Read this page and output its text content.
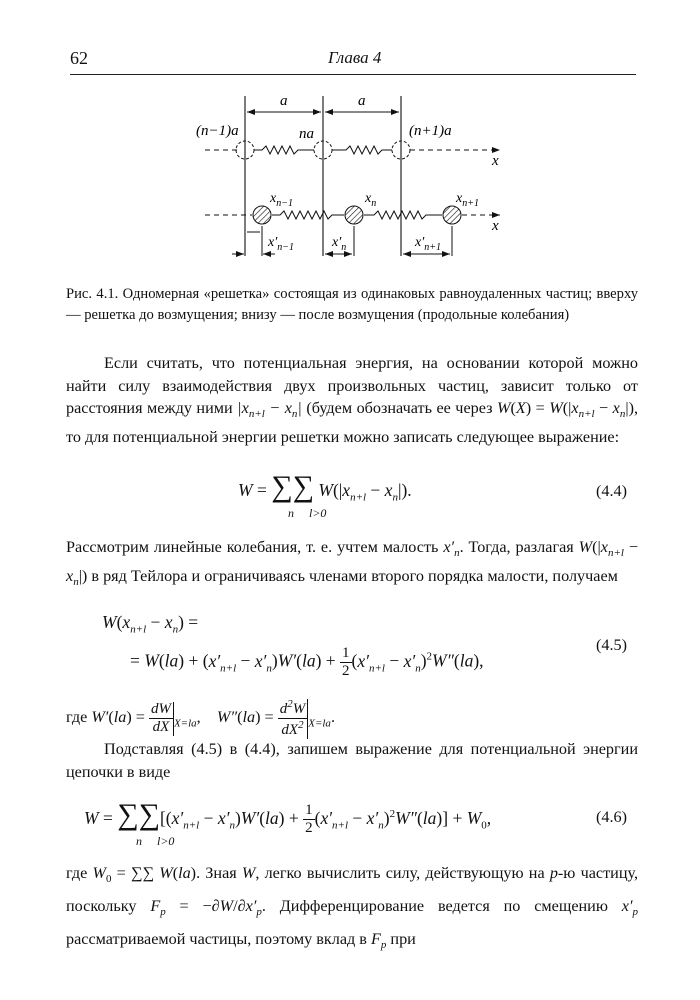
62	Глава 4
a	a
(n−1)a	na	(n+1)a
x
x
$x_{n-1}$	$x_n$	$x_{n+1}$
$x'_{n-1}$	$x'_n$	$x'_{n+1}$
Рис. 4.1. Одномерная «решетка» состоящая из одинаковых равноудаленных частиц; вверху — решетка до возмущения; внизу — после возмущения (продольные колебания)
Если считать, что потенциальная энергия, на основании которой можно найти силу взаимодействия двух произвольных частиц, зависит только от расстояния между ними $|x_{n+l} - x_n|$ (будем обозначать ее через $W(X) = W(|x_{n+l} - x_n|)$, то для потенциальной энергии решетки можно записать следующее выражение:
W = ∑∑ $W(|x_{n+l} - x_n|)$.
n     l>0
(4.4)
Рассмотрим линейные колебания, т. е. учтем малость $x'_n$. Тогда, разлагая $W(|x_{n+l} - x_n|)$ в ряд Тейлора и ограничиваясь членами второго порядка малости, получаем
$W(x_{n+l} - x_n)$ =
= $W(la) + (x'_{n+l} - x'_n)W'(la) + \frac{1}{2} (x'_{n+l} - x'_n)^2W''(la)$,
(4.5)
где $W'(la) = \frac{dW}{dX} _{X=la}$,    $W''(la) = \frac{d^2W}{dX^2} _{X=la}$.
Подставляя (4.5) в (4.4), запишем выражение для потенциальной энергии цепочки в виде
$W = \sum\sum[(x'_{n+l} - x'_n)W'(la) + \frac{1}{2} (x'_{n+l} - x'_n)^2W''(la)] + W_0$,
n     l>0
(4.6)
где $W_0$ = ∑∑ W(la). Зная W, легко вычислить силу, действующую на p-ю частицу, поскольку $F_p = -\partial W/\partial x'_p$. Дифференцирование ведется по смещению $x'_p$ рассматриваемой частицы, поэтому вклад в $F_p$ при
